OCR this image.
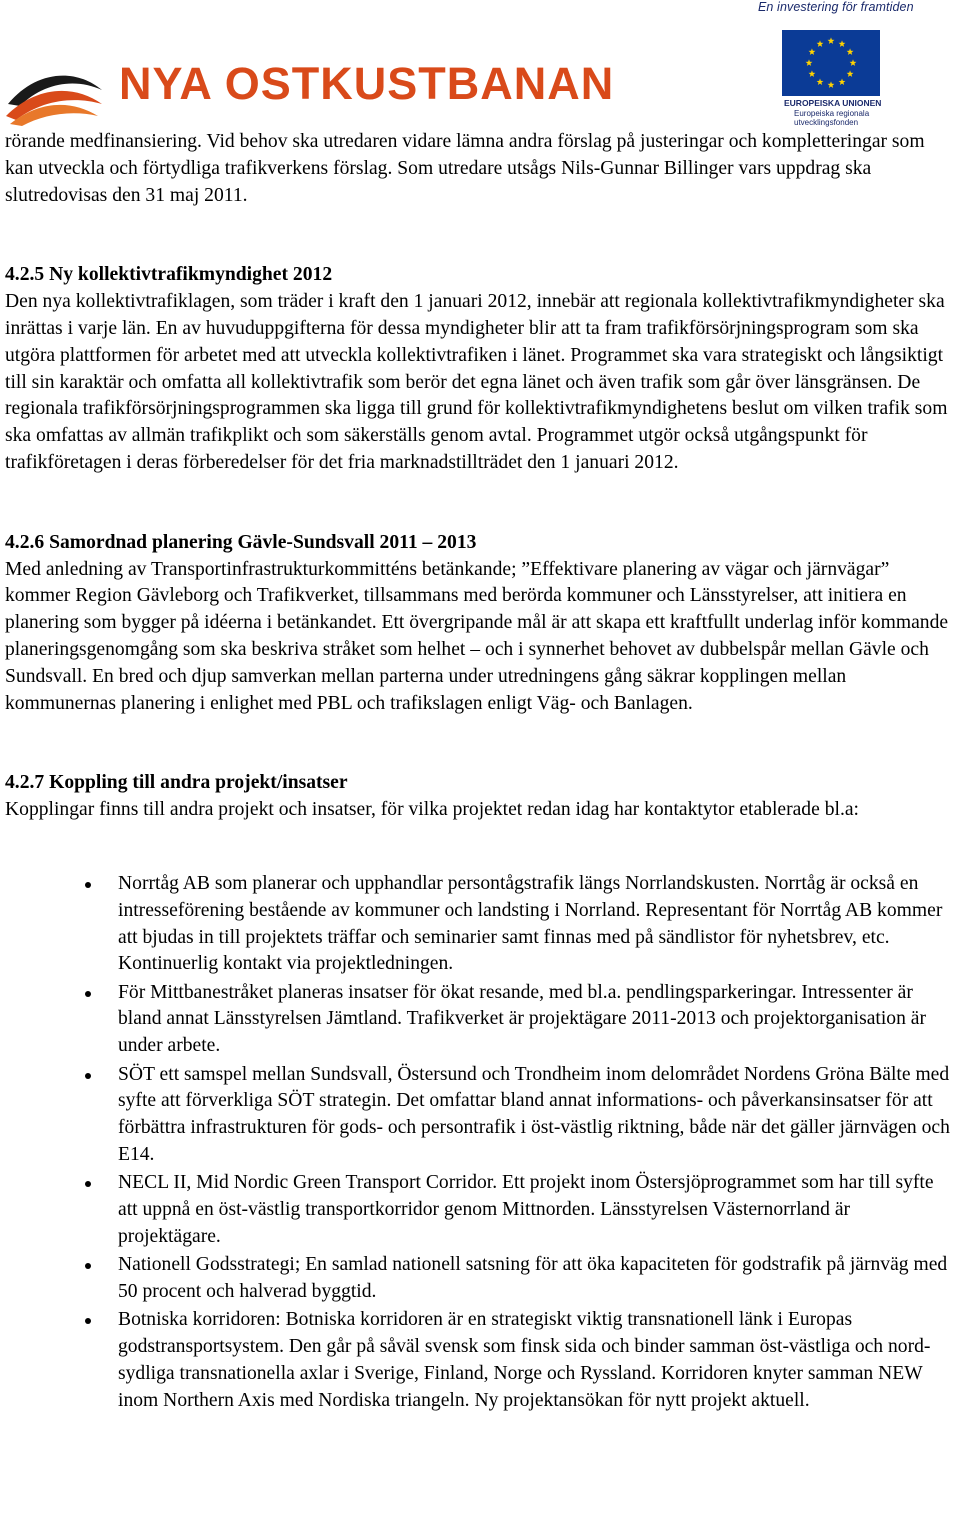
En investering för framtiden
NYA OSTKUSTBANAN	EUROPEISKA UNIONEN
Europeiska regionala
utvecklingsfonden

rörande medfinansiering. Vid behov ska utredaren vidare lämna andra förslag på justeringar och kompletteringar som kan utveckla och förtydliga trafikverkens förslag. Som utredare utsågs Nils-Gunnar Billinger vars uppdrag ska slutredovisas den 31 maj 2011.

4.2.5 Ny kollektivtrafikmyndighet 2012

Den nya kollektivtrafiklagen, som träder i kraft den 1 januari 2012, innebär att regionala kollektivtrafikmyndigheter ska inrättas i varje län. En av huvuduppgifterna för dessa myndigheter blir att ta fram trafikförsörjningsprogram som ska utgöra plattformen för arbetet med att utveckla kollektivtrafiken i länet. Programmet ska vara strategiskt och långsiktigt till sin karaktär och omfatta all kollektivtrafik som berör det egna länet och även trafik som går över länsgränsen. De regionala trafikförsörjningsprogrammen ska ligga till grund för kollektivtrafikmyndighetens beslut om vilken trafik som ska omfattas av allmän trafikplikt och som säkerställs genom avtal. Programmet utgör också utgångspunkt för trafikföretagen i deras förberedelser för det fria marknadstillträdet den 1 januari 2012.

4.2.6 Samordnad planering Gävle-Sundsvall 2011 – 2013

Med anledning av Transportinfrastrukturkommitténs betänkande; ”Effektivare planering av vägar och järnvägar” kommer Region Gävleborg och Trafikverket, tillsammans med berörda kommuner och Länsstyrelser, att initiera en planering som bygger på idéerna i betänkandet. Ett övergripande mål är att skapa ett kraftfullt underlag inför kommande planeringsgenomgång som ska beskriva stråket som helhet – och i synnerhet behovet av dubbelspår mellan Gävle och Sundsvall. En bred och djup samverkan mellan parterna under utredningens gång säkrar kopplingen mellan kommunernas planering i enlighet med PBL och trafikslagen enligt Väg- och Banlagen.

4.2.7 Koppling till andra projekt/insatser

Kopplingar finns till andra projekt och insatser, för vilka projektet redan idag har kontaktytor etablerade bl.a:

Norrtåg AB som planerar och upphandlar persontågstrafik längs Norrlandskusten. Norrtåg är också en intresseförening bestående av kommuner och landsting i Norrland. Representant för Norrtåg AB kommer att bjudas in till projektets träffar och seminarier samt finnas med på sändlistor för nyhetsbrev, etc. Kontinuerlig kontakt via projektledningen.
För Mittbanestråket planeras insatser för ökat resande, med bl.a. pendlingsparkeringar. Intressenter är bland annat Länsstyrelsen Jämtland. Trafikverket är projektägare 2011-2013 och projektorganisation är under arbete.
SÖT ett samspel mellan Sundsvall, Östersund och Trondheim inom delområdet Nordens Gröna Bälte med syfte att förverkliga SÖT strategin. Det omfattar bland annat informations- och påverkansinsatser för att förbättra infrastrukturen för gods- och persontrafik i öst-västlig riktning, både när det gäller järnvägen och E14.
NECL II, Mid Nordic Green Transport Corridor. Ett projekt inom Östersjöprogrammet som har till syfte att uppnå en öst-västlig transportkorridor genom Mittnorden. Länsstyrelsen Västernorrland är projektägare.
Nationell Godsstrategi; En samlad nationell satsning för att öka kapaciteten för godstrafik på järnväg med 50 procent och halverad byggtid.
Botniska korridoren: Botniska korridoren är en strategiskt viktig transnationell länk i Europas godstransportsystem. Den går på såväl svensk som finsk sida och binder samman öst-västliga och nord-sydliga transnationella axlar i Sverige, Finland, Norge och Ryssland. Korridoren knyter samman NEW inom Northern Axis med Nordiska triangeln. Ny projektansökan för nytt projekt aktuell.
